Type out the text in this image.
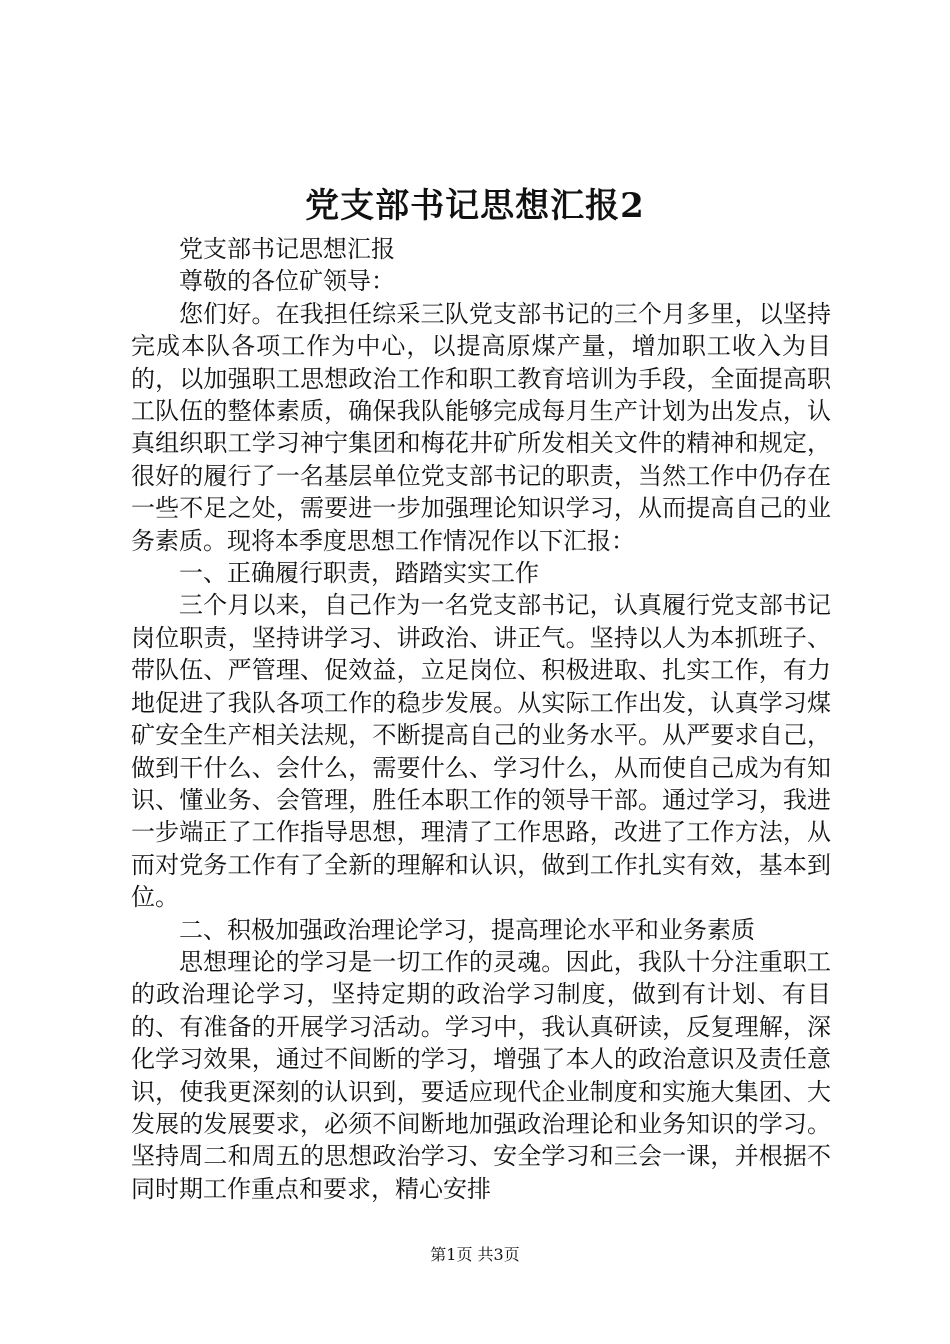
党支部书记思想汇报2

党支部书记思想汇报

尊敬的各位矿领导：

您们好。在我担任综采三队党支部书记的三个月多里，以坚持完成本队各项工作为中心，以提高原煤产量，增加职工收入为目的，以加强职工思想政治工作和职工教育培训为手段，全面提高职工队伍的整体素质，确保我队能够完成每月生产计划为出发点，认真组织职工学习神宁集团和梅花井矿所发相关文件的精神和规定，很好的履行了一名基层单位党支部书记的职责，当然工作中仍存在一些不足之处，需要进一步加强理论知识学习，从而提高自己的业务素质。现将本季度思想工作情况作以下汇报：

一、正确履行职责，踏踏实实工作

三个月以来，自己作为一名党支部书记，认真履行党支部书记岗位职责，坚持讲学习、讲政治、讲正气。坚持以人为本抓班子、带队伍、严管理、促效益，立足岗位、积极进取、扎实工作，有力地促进了我队各项工作的稳步发展。从实际工作出发，认真学习煤矿安全生产相关法规，不断提高自己的业务水平。从严要求自己，做到干什么、会什么，需要什么、学习什么，从而使自己成为有知识、懂业务、会管理，胜任本职工作的领导干部。通过学习，我进一步端正了工作指导思想，理清了工作思路，改进了工作方法，从而对党务工作有了全新的理解和认识，做到工作扎实有效，基本到位。

二、积极加强政治理论学习，提高理论水平和业务素质

思想理论的学习是一切工作的灵魂。因此，我队十分注重职工的政治理论学习，坚持定期的政治学习制度，做到有计划、有目的、有准备的开展学习活动。学习中，我认真研读，反复理解，深化学习效果，通过不间断的学习，增强了本人的政治意识及责任意识，使我更深刻的认识到，要适应现代企业制度和实施大集团、大发展的发展要求，必须不间断地加强政治理论和业务知识的学习。坚持周二和周五的思想政治学习、安全学习和三会一课，并根据不同时期工作重点和要求，精心安排

第1页 共3页
